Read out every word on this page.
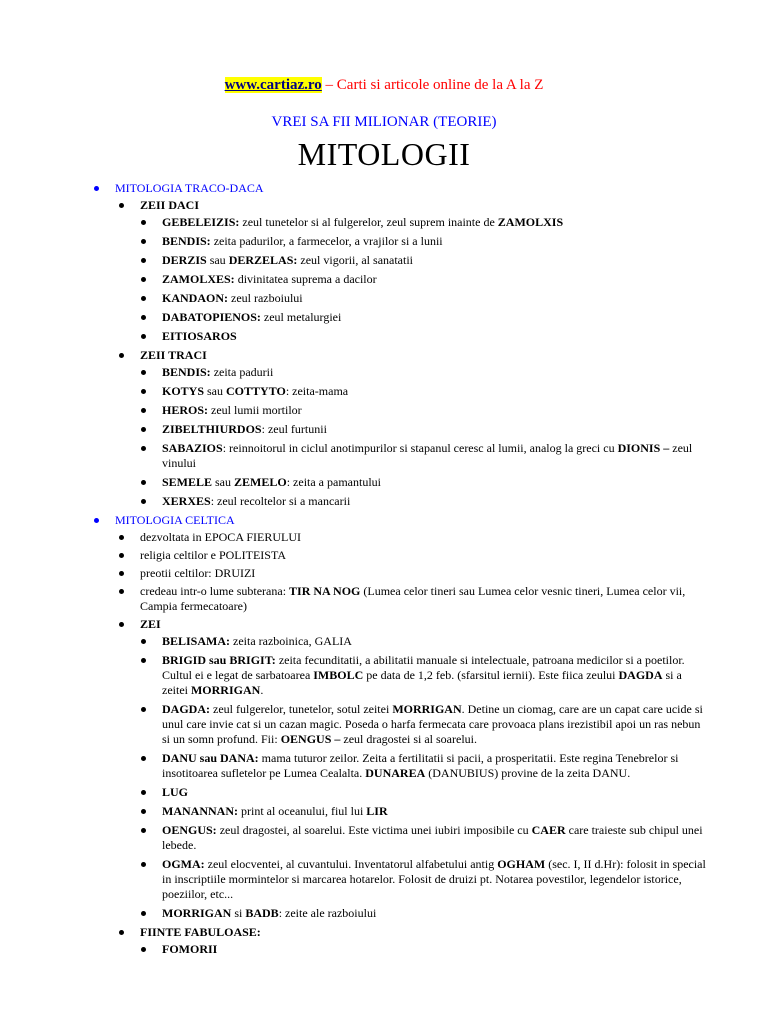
www.cartiaz.ro – Carti si articole online de la A la Z
VREI SA FII MILIONAR (TEORIE)
MITOLOGII
MITOLOGIA TRACO-DACA
ZEII DACI
GEBELEIZIS: zeul tunetelor si al fulgerelor, zeul suprem inainte de ZAMOLXIS
BENDIS: zeita padurilor, a farmecelor, a vrajilor si a lunii
DERZIS sau DERZELAS: zeul vigorii, al sanatatii
ZAMOLXES: divinitatea suprema a dacilor
KANDAON: zeul razboiului
DABATOPIENOS: zeul metalurgiei
EITIOSAROS
ZEII TRACI
BENDIS: zeita padurii
KOTYS sau COTTYTO: zeita-mama
HEROS: zeul lumii mortilor
ZIBELTHIURDOS: zeul furtunii
SABAZIOS: reinnoitorul in ciclul anotimpurilor si stapanul ceresc al lumii, analog la greci cu DIONIS – zeul vinului
SEMELE sau ZEMELO: zeita a pamantului
XERXES: zeul recoltelor si a mancarii
MITOLOGIA CELTICA
dezvoltata in EPOCA FIERULUI
religia celtilor e POLITEISTA
preotii celtilor: DRUIZI
credeau intr-o lume subterana: TIR NA NOG (Lumea celor tineri sau Lumea celor vesnic tineri, Lumea celor vii, Campia fermecatoare)
ZEI
BELISAMA: zeita razboinica, GALIA
BRIGID sau BRIGIT: zeita fecunditatii, a abilitatii manuale si intelectuale, patroana medicilor si a poetilor. Cultul ei e legat de sarbatoarea IMBOLC pe data de 1,2 feb. (sfarsitul iernii). Este fiica zeului DAGDA si a zeitei MORRIGAN.
DAGDA: zeul fulgerelor, tunetelor, sotul zeitei MORRIGAN. Detine un ciomag, care are un capat care ucide si unul care invie cat si un cazan magic. Poseda o harfa fermecata care provoaca plans irezistibil apoi un ras nebun si un somn profund. Fii: OENGUS – zeul dragostei si al soarelui.
DANU sau DANA: mama tuturor zeilor. Zeita a fertilitatii si pacii, a prosperitatii. Este regina Tenebrelor si insotitoarea sufletelor pe Lumea Cealalta. DUNAREA (DANUBIUS) provine de la zeita DANU.
LUG
MANANNAN: print al oceanului, fiul lui LIR
OENGUS: zeul dragostei, al soarelui. Este victima unei iubiri imposibile cu CAER care traieste sub chipul unei lebede.
OGMA: zeul elocventei, al cuvantului. Inventatorul alfabetului antig OGHAM (sec. I, II d.Hr): folosit in special in inscriptiile mormintelor si marcarea hotarelor. Folosit de druizi pt. Notarea povestilor, legendelor istorice, poeziilor, etc...
MORRIGAN si BADB: zeite ale razboiului
FIINTE FABULOASE:
FOMORII
